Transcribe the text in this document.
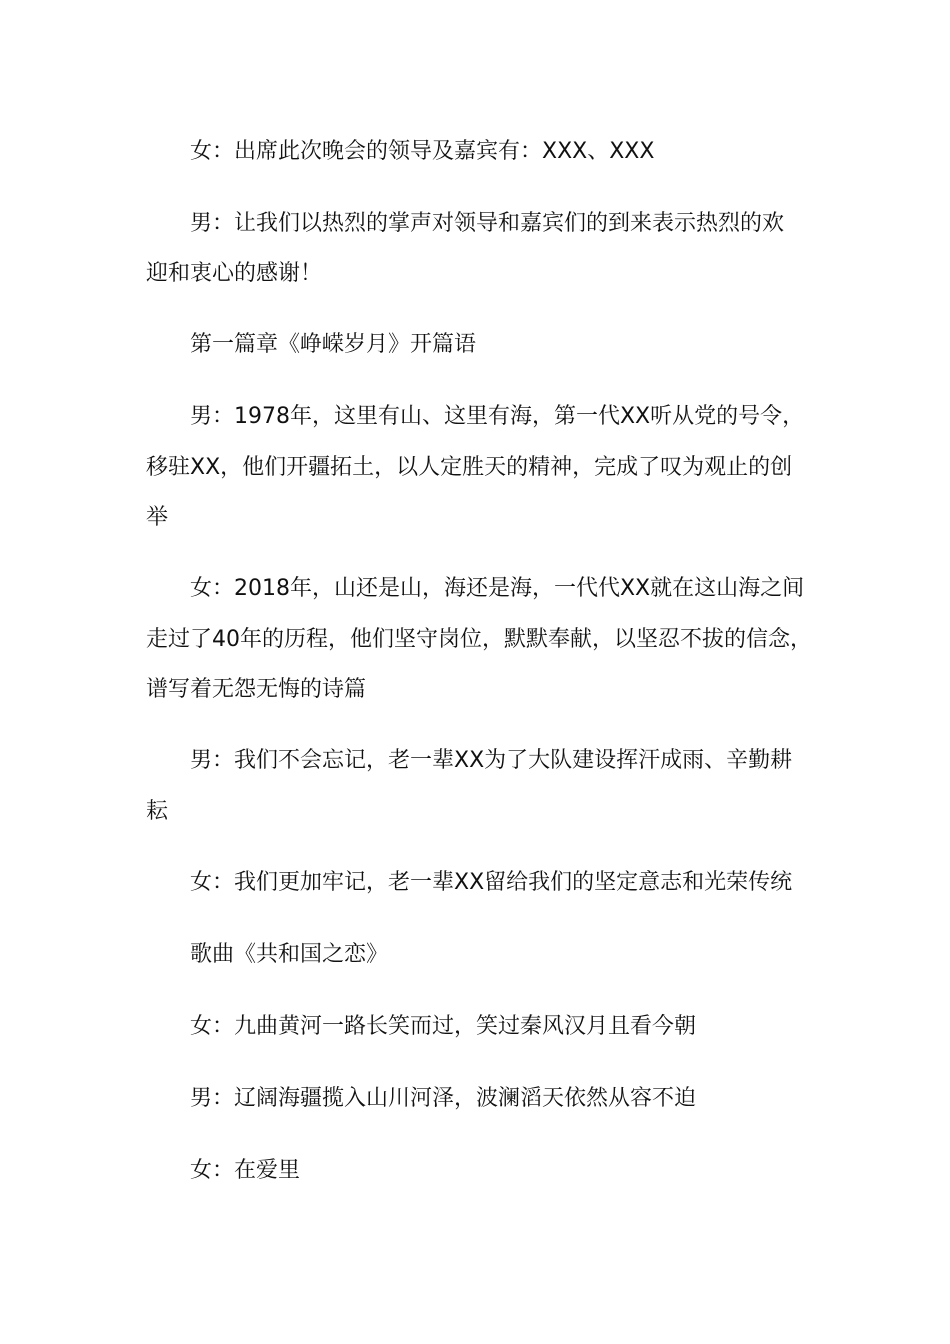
女：出席此次晚会的领导及嘉宾有：XXX、XXX

男：让我们以热烈的掌声对领导和嘉宾们的到来表示热烈的欢

迎和衷心的感谢！

第一篇章《峥嵘岁月》开篇语

男：1978年，这里有山、这里有海，第一代XX听从党的号令，

移驻XX，他们开疆拓土，以人定胜天的精神，完成了叹为观止的创

举

女：2018年，山还是山，海还是海，一代代XX就在这山海之间

走过了40年的历程，他们坚守岗位，默默奉献，以坚忍不拔的信念，

谱写着无怨无悔的诗篇

男：我们不会忘记，老一辈XX为了大队建设挥汗成雨、辛勤耕

耘

女：我们更加牢记，老一辈XX留给我们的坚定意志和光荣传统

歌曲《共和国之恋》

女：九曲黄河一路长笑而过，笑过秦风汉月且看今朝

男：辽阔海疆揽入山川河泽，波澜滔天依然从容不迫

女：在爱里
